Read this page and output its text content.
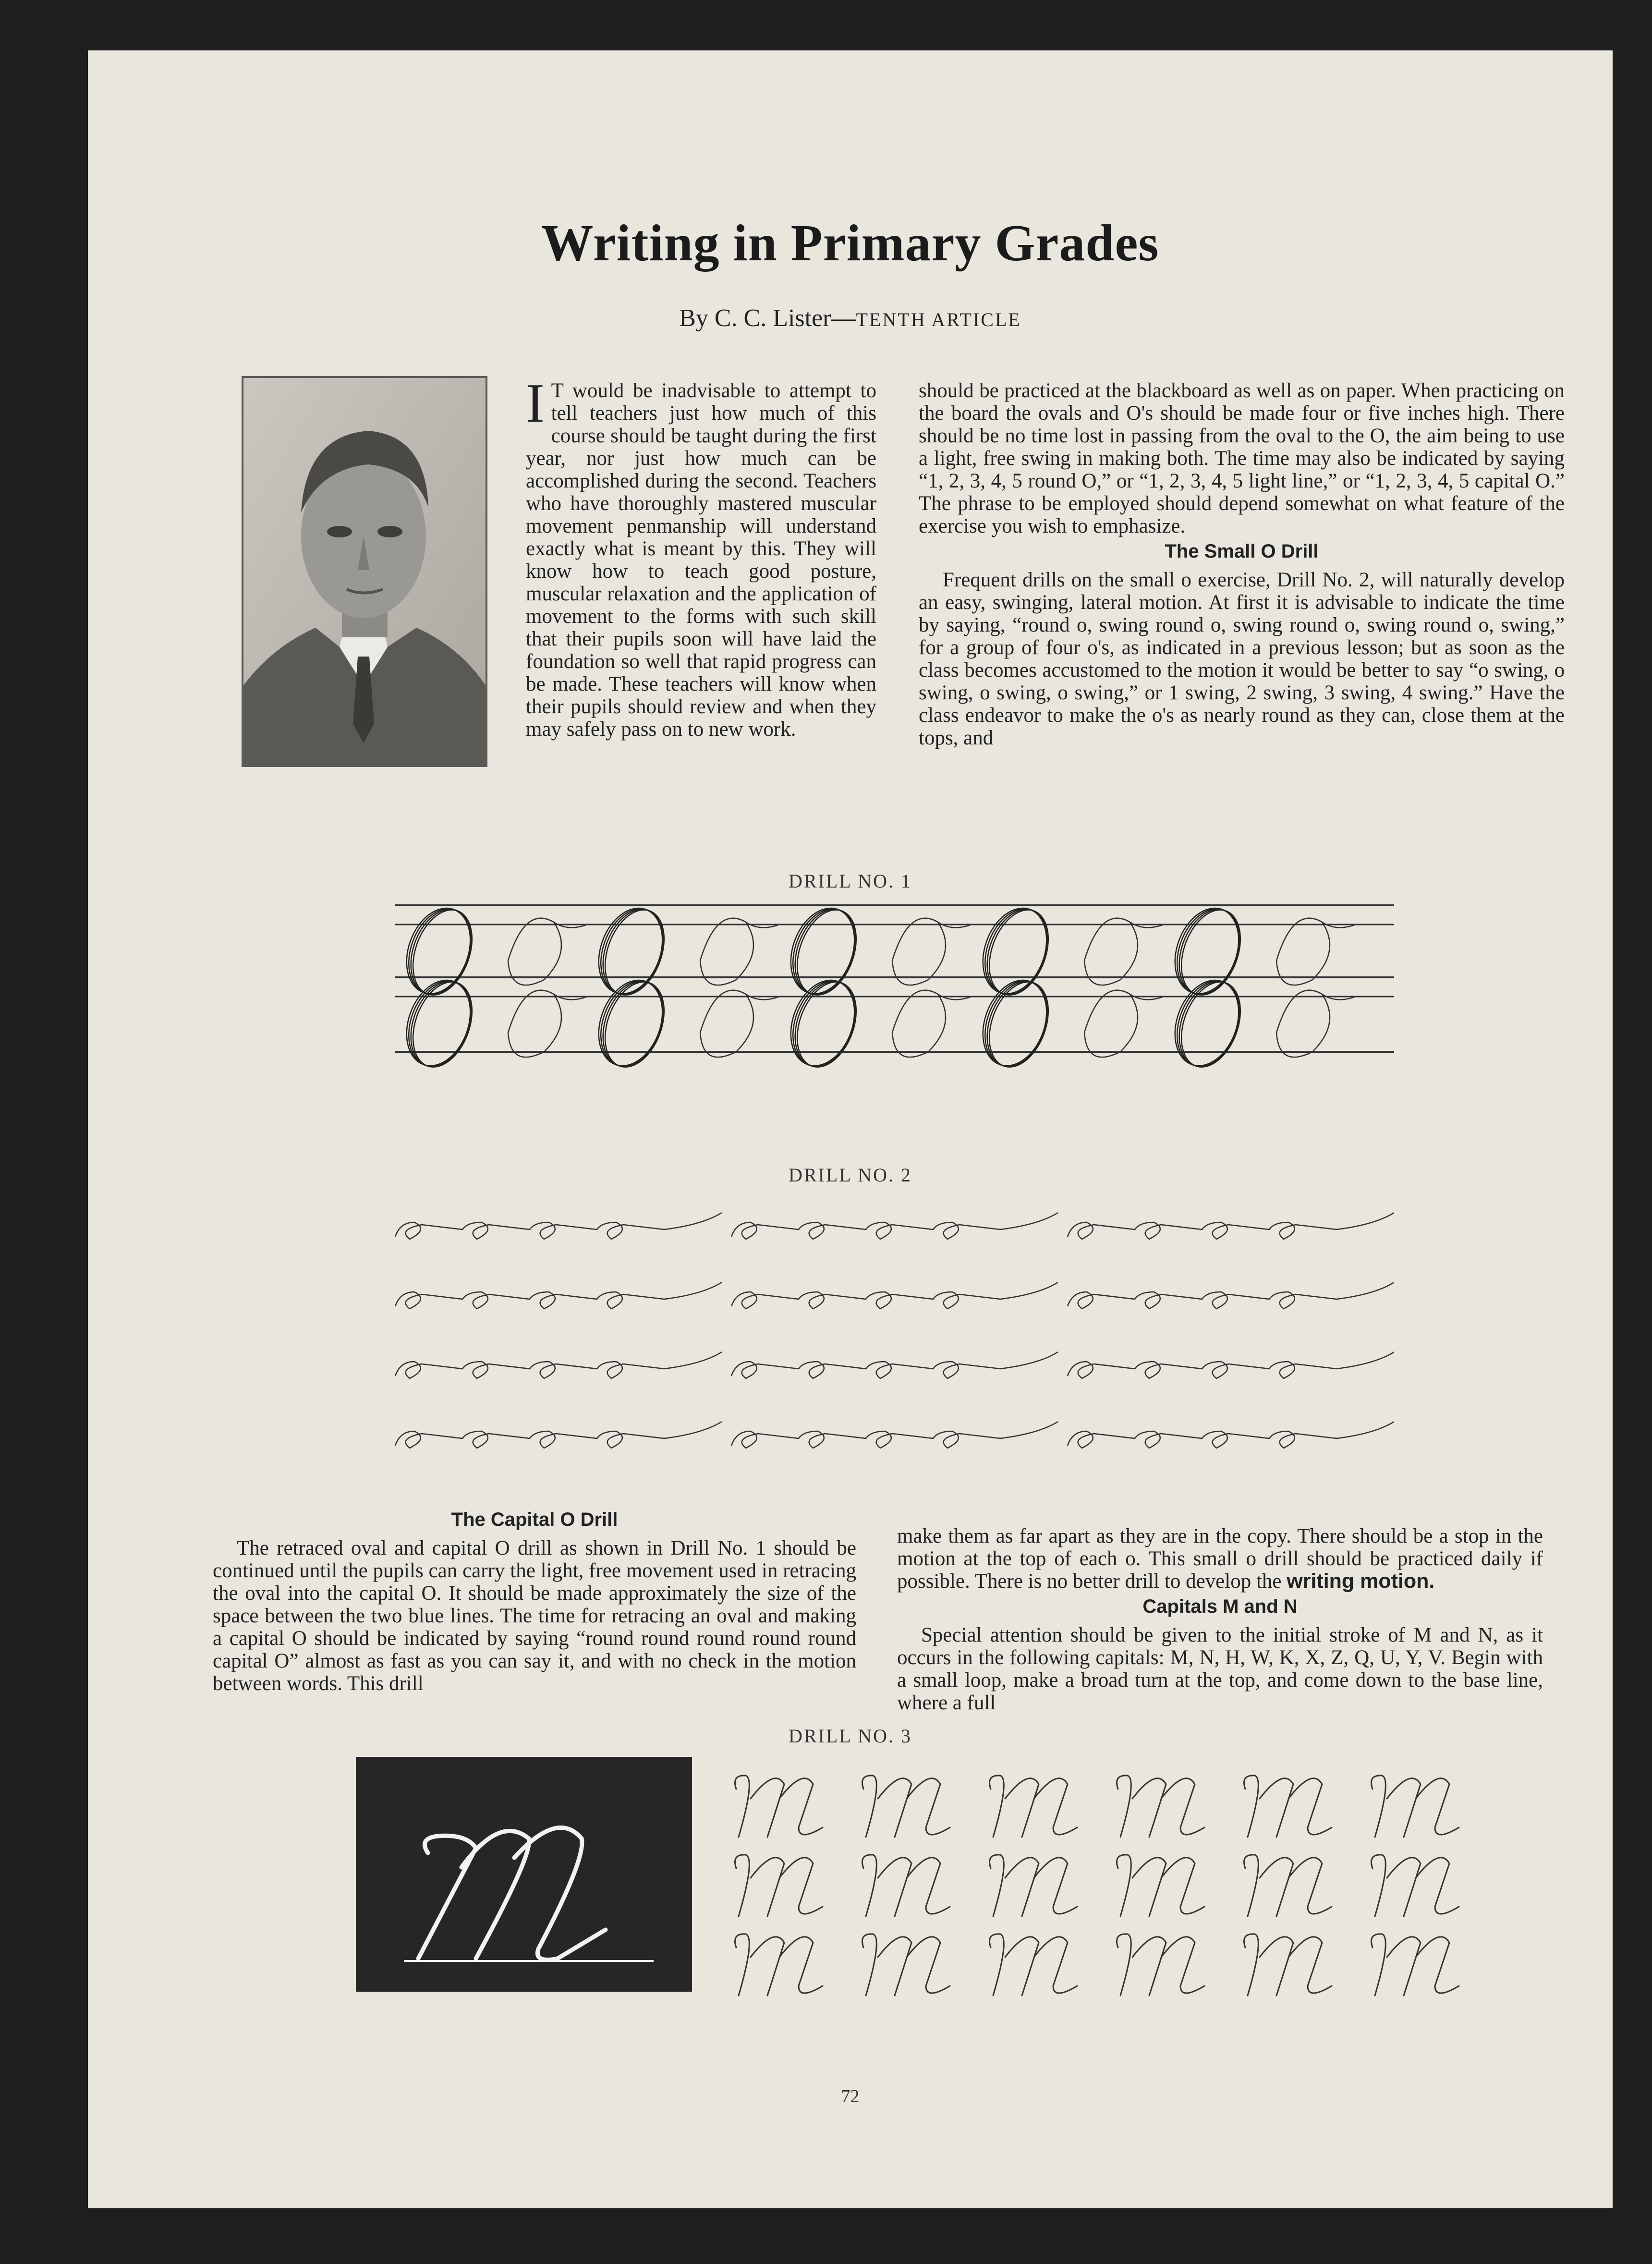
Writing in Primary Grades
By C. C. Lister—TENTH ARTICLE

I T would be inadvisable to attempt to tell teachers just how much of this course should be taught during the first year, nor just how much can be accomplished during the second. Teachers who have thoroughly mastered muscular movement penmanship will understand exactly what is meant by this. They will know how to teach good posture, muscular relaxation and the application of movement to the forms with such skill that their pupils soon will have laid the foundation so well that rapid progress can be made. These teachers will know when their pupils should review and when they may safely pass on to new work.

should be practiced at the blackboard as well as on paper. When practicing on the board the ovals and O's should be made four or five inches high. There should be no time lost in passing from the oval to the O, the aim being to use a light, free swing in making both. The time may also be indicated by saying “1, 2, 3, 4, 5 round O,” or “1, 2, 3, 4, 5 light line,” or “1, 2, 3, 4, 5 capital O.” The phrase to be employed should depend somewhat on what feature of the exercise you wish to emphasize.

The Small O Drill

Frequent drills on the small o exercise, Drill No. 2, will naturally develop an easy, swinging, lateral motion. At first it is advisable to indicate the time by saying, “round o, swing round o, swing round o, swing round o, swing,” for a group of four o's, as indicated in a previous lesson; but as soon as the class becomes accustomed to the motion it would be better to say “o swing, o swing, o swing, o swing,” or 1 swing, 2 swing, 3 swing, 4 swing.” Have the class endeavor to make the o's as nearly round as they can, close them at the tops, and

DRILL NO. 1
DRILL NO. 2
The Capital O Drill

The retraced oval and capital O drill as shown in Drill No. 1 should be continued until the pupils can carry the light, free movement used in retracing the oval into the capital O. It should be made approximately the size of the space between the two blue lines. The time for retracing an oval and making a capital O should be indicated by saying “round round round round round capital O” almost as fast as you can say it, and with no check in the motion between words. This drill

make them as far apart as they are in the copy. There should be a stop in the motion at the top of each o. This small o drill should be practiced daily if possible. There is no better drill to develop the writing motion.

Capitals M and N

Special attention should be given to the initial stroke of M and N, as it occurs in the following capitals: M, N, H, W, K, X, Z, Q, U, Y, V. Begin with a small loop, make a broad turn at the top, and come down to the base line, where a full

DRILL NO. 3
72
